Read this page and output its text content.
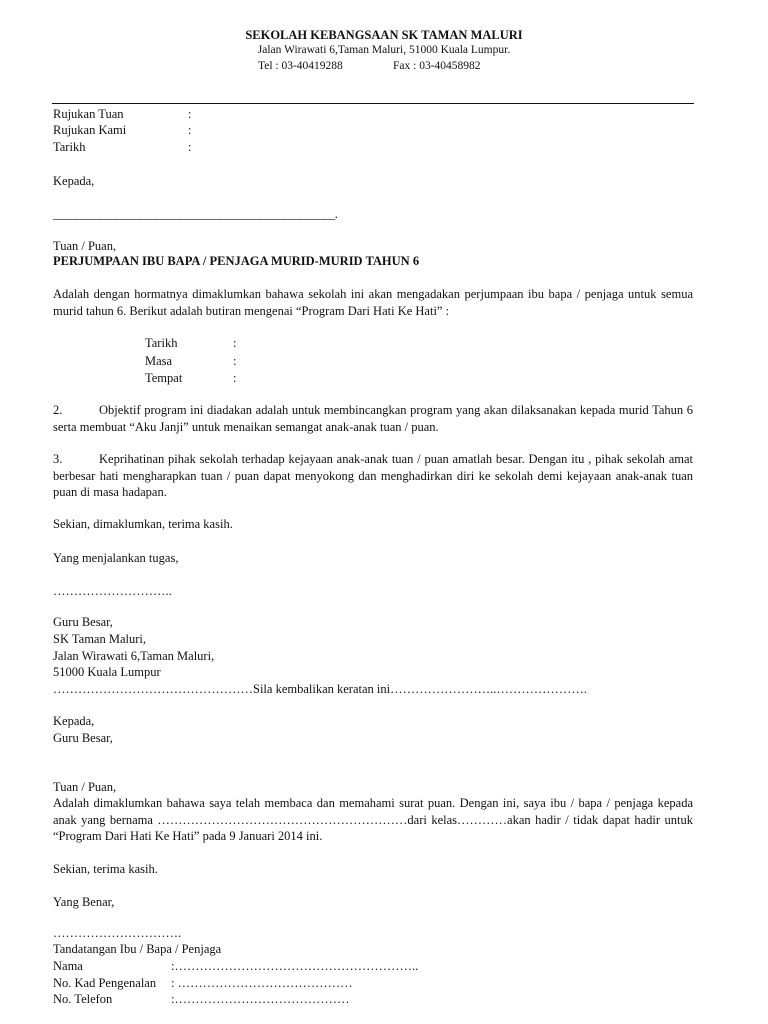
SEKOLAH KEBANGSAAN SK TAMAN MALURI
Jalan Wirawati 6,Taman Maluri, 51000 Kuala Lumpur.
Tel : 03-40419288	Fax : 03-40458982
Rujukan Tuan	:
Rujukan Kami	:
Tarikh	:
Kepada,
_________________________________________________.
Tuan / Puan,
PERJUMPAAN IBU BAPA / PENJAGA MURID-MURID TAHUN 6
Adalah dengan hormatnya dimaklumkan bahawa sekolah ini akan mengadakan perjumpaan ibu bapa / penjaga untuk semua murid tahun 6. Berikut adalah butiran mengenai “Program Dari Hati Ke Hati” :
Tarikh	:
Masa	:
Tempat	:
2.	Objektif program ini diadakan adalah untuk membincangkan program yang akan dilaksanakan kepada murid Tahun 6 serta membuat “Aku Janji” untuk menaikan semangat anak-anak tuan / puan.
3.	Keprihatinan pihak sekolah terhadap kejayaan anak-anak tuan / puan amatlah besar. Dengan itu , pihak sekolah amat berbesar hati mengharapkan tuan / puan dapat menyokong dan menghadirkan diri ke sekolah demi kejayaan anak-anak tuan puan di masa hadapan.
Sekian, dimaklumkan, terima kasih.
Yang menjalankan tugas,
………………………..
Guru Besar,
SK Taman Maluri,
Jalan Wirawati 6,Taman Maluri,
51000 Kuala Lumpur
…………………………………………Sila kembalikan keratan ini……………………..………………….
Kepada,
Guru Besar,
Tuan / Puan,
Adalah dimaklumkan bahawa saya telah membaca dan memahami surat puan. Dengan ini, saya ibu / bapa / penjaga kepada anak yang bernama ……………………………………………………dari kelas…………akan hadir / tidak dapat hadir untuk “Program Dari Hati Ke Hati” pada 9 Januari 2014 ini.
Sekian, terima kasih.
Yang Benar,
………………………….
Tandatangan Ibu / Bapa / Penjaga
Nama	:…………………………………………………..
No. Kad Pengenalan : ……………………………………
No. Telefon	:……………………………………
